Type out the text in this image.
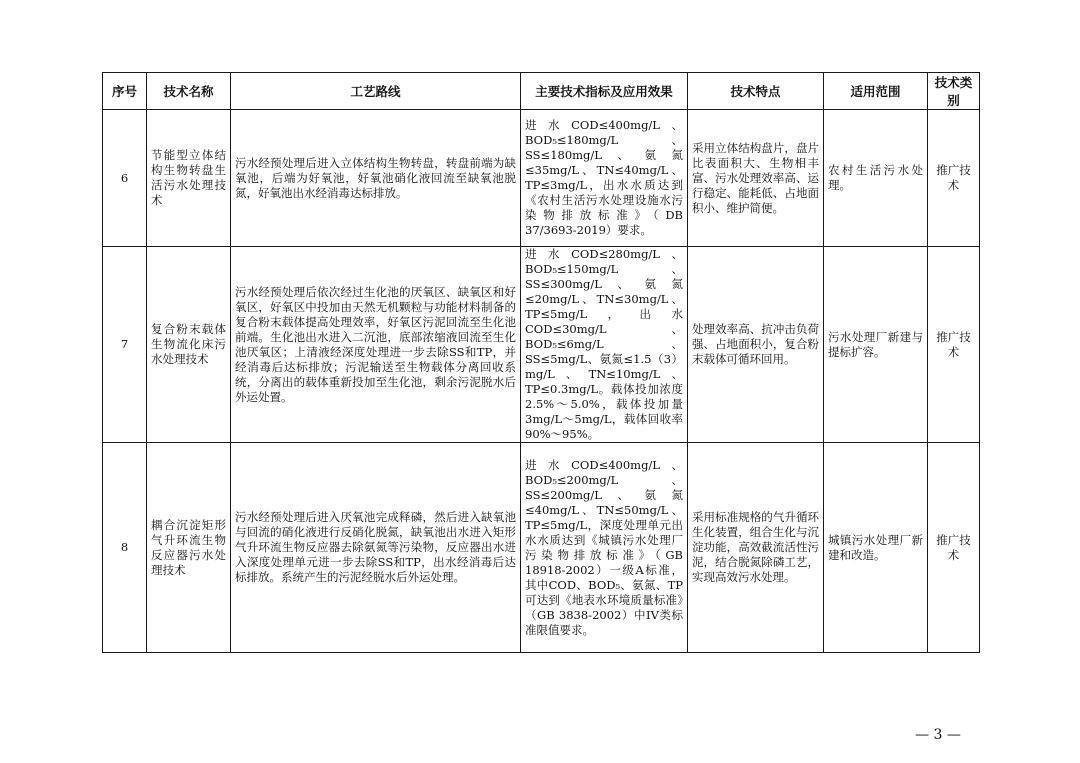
序号	技术名称	工艺路线	主要技术指标及应用效果	技术特点	适用范围	技术类别
6	节能型立体结构生物转盘生活污水处理技术	污水经预处理后进入立体结构生物转盘，转盘前端为缺氧池，后端为好氧池，好氧池硝化液回流至缺氧池脱氮，好氧池出水经消毒达标排放。	进水COD≤400mg/L、BOD₅≤180mg/L、SS≤180mg/L、氨氮≤35mg/L、TN≤40mg/L、TP≤3mg/L，出水水质达到《农村生活污水处理设施水污染物排放标准》（DB 37/3693-2019）要求。	采用立体结构盘片，盘片比表面积大、生物相丰富、污水处理效率高、运行稳定、能耗低、占地面积小、维护简便。	农村生活污水处理。	推广技术
7	复合粉末载体生物流化床污水处理技术	污水经预处理后依次经过生化池的厌氧区、缺氧区和好氧区，好氧区中投加由天然无机颗粒与功能材料制备的复合粉末载体提高处理效率，好氧区污泥回流至生化池前端。生化池出水进入二沉池，底部浓缩液回流至生化池厌氧区；上清液经深度处理进一步去除SS和TP，并经消毒后达标排放；污泥输送至生物载体分离回收系统，分离出的载体重新投加至生化池，剩余污泥脱水后外运处置。	进水COD≤280mg/L、BOD₅≤150mg/L、SS≤300mg/L、氨氮≤20mg/L、TN≤30mg/L、TP≤5mg/L，出水COD≤30mg/L、BOD₅≤6mg/L、SS≤5mg/L、氨氮≤1.5（3）mg/L、TN≤10mg/L、TP≤0.3mg/L。载体投加浓度2.5%～5.0%，载体投加量3mg/L～5mg/L，载体回收率90%～95%。	处理效率高、抗冲击负荷强、占地面积小，复合粉末载体可循环回用。	污水处理厂新建与提标扩容。	推广技术
8	耦合沉淀矩形气升环流生物反应器污水处理技术	污水经预处理后进入厌氧池完成释磷，然后进入缺氧池与回流的硝化液进行反硝化脱氮，缺氧池出水进入矩形气升环流生物反应器去除氨氮等污染物，反应器出水进入深度处理单元进一步去除SS和TP，出水经消毒后达标排放。系统产生的污泥经脱水后外运处理。	进水COD≤400mg/L、BOD₅≤200mg/L、SS≤200mg/L、氨氮≤40mg/L、TN≤50mg/L、TP≤5mg/L，深度处理单元出水水质达到《城镇污水处理厂污染物排放标准》（GB 18918-2002）一级A标准，其中COD、BOD₅、氨氮、TP可达到《地表水环境质量标准》（GB 3838-2002）中IV类标准限值要求。	采用标准规格的气升循环生化装置，组合生化与沉淀功能，高效截流活性污泥，结合脱氮除磷工艺，实现高效污水处理。	城镇污水处理厂新建和改造。	推广技术
— 3 —
